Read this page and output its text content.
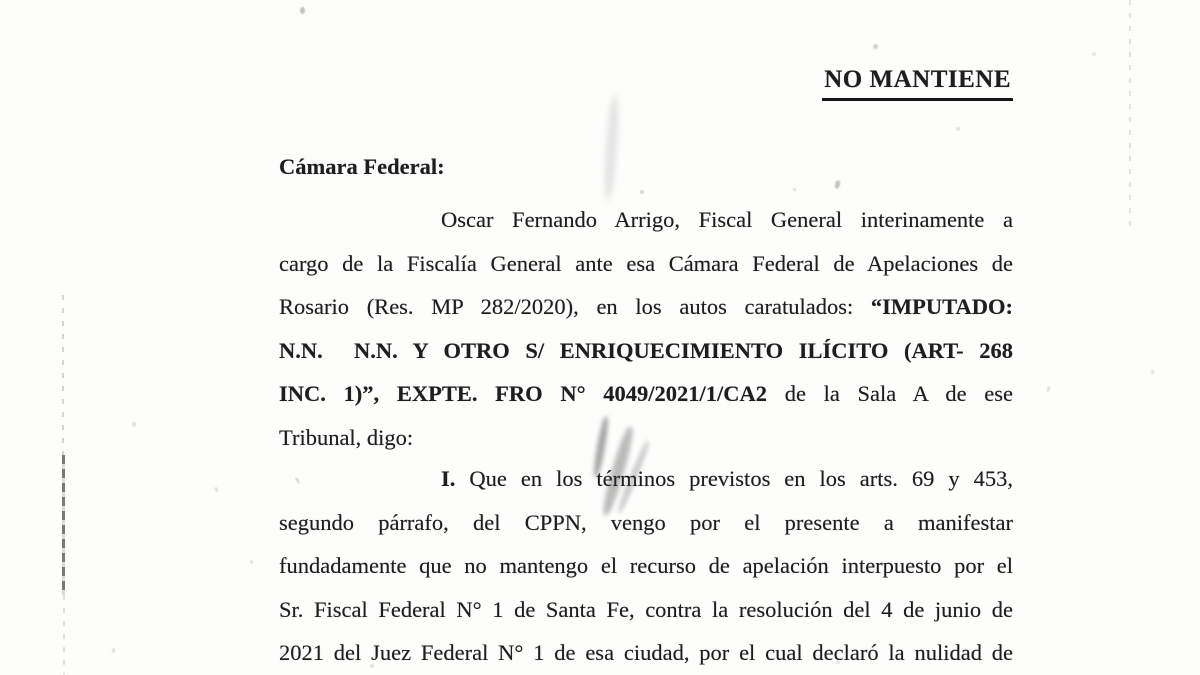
NO MANTIENE
Cámara Federal:
Oscar Fernando Arrigo, Fiscal General interinamente a
cargo de la Fiscalía General ante esa Cámara Federal de Apelaciones de
Rosario (Res. MP 282/2020), en los autos caratulados: “IMPUTADO:
N.N.  N.N. Y OTRO S/ ENRIQUECIMIENTO ILÍCITO (ART- 268
INC. 1)”, EXPTE. FRO N° 4049/2021/1/CA2 de la Sala A de ese
Tribunal, digo:
I. Que en los términos previstos en los arts. 69 y 453,
segundo párrafo, del CPPN, vengo por el presente a manifestar
fundadamente que no mantengo el recurso de apelación interpuesto por el
Sr. Fiscal Federal N° 1 de Santa Fe, contra la resolución del 4 de junio de
2021 del Juez Federal N° 1 de esa ciudad, por el cual declaró la nulidad de
